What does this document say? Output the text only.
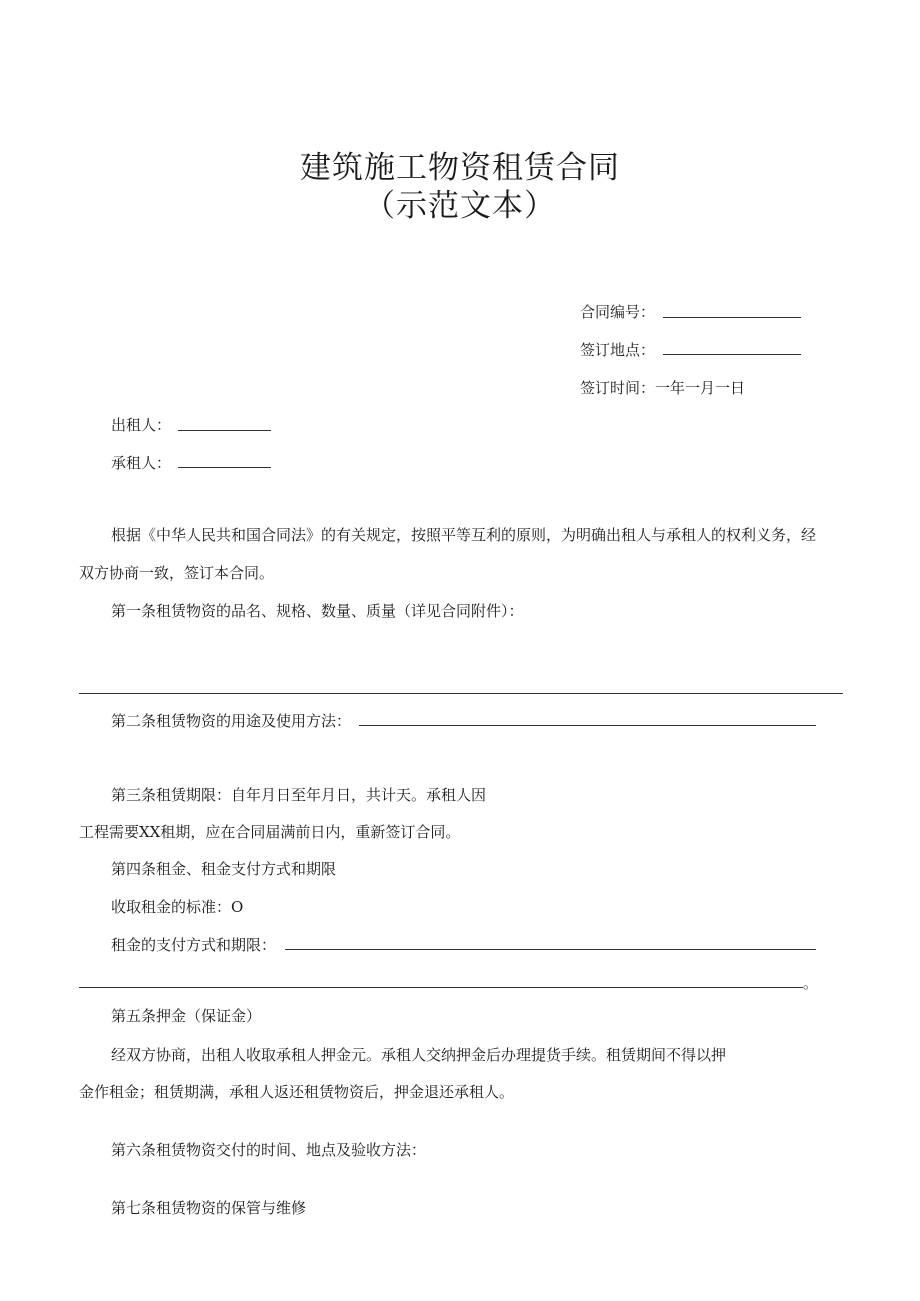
建筑施工物资租赁合同
（示范文本）
合同编号：
签订地点：
签订时间：一年一月一日
出租人：
承租人：
根据《中华人民共和国合同法》的有关规定，按照平等互利的原则，为明确出租人与承租人的权利义务，经
双方协商一致，签订本合同。
第一条租赁物资的品名、规格、数量、质量（详见合同附件）：
第二条租赁物资的用途及使用方法：
第三条租赁期限：自年月日至年月日，共计天。承租人因
工程需要XX租期，应在合同届满前日内，重新签订合同。
第四条租金、租金支付方式和期限
收取租金的标准：O
租金的支付方式和期限：
。
第五条押金（保证金）
经双方协商，出租人收取承租人押金元。承租人交纳押金后办理提货手续。租赁期间不得以押
金作租金；租赁期满，承租人返还租赁物资后，押金退还承租人。
第六条租赁物资交付的时间、地点及验收方法：
第七条租赁物资的保管与维修
